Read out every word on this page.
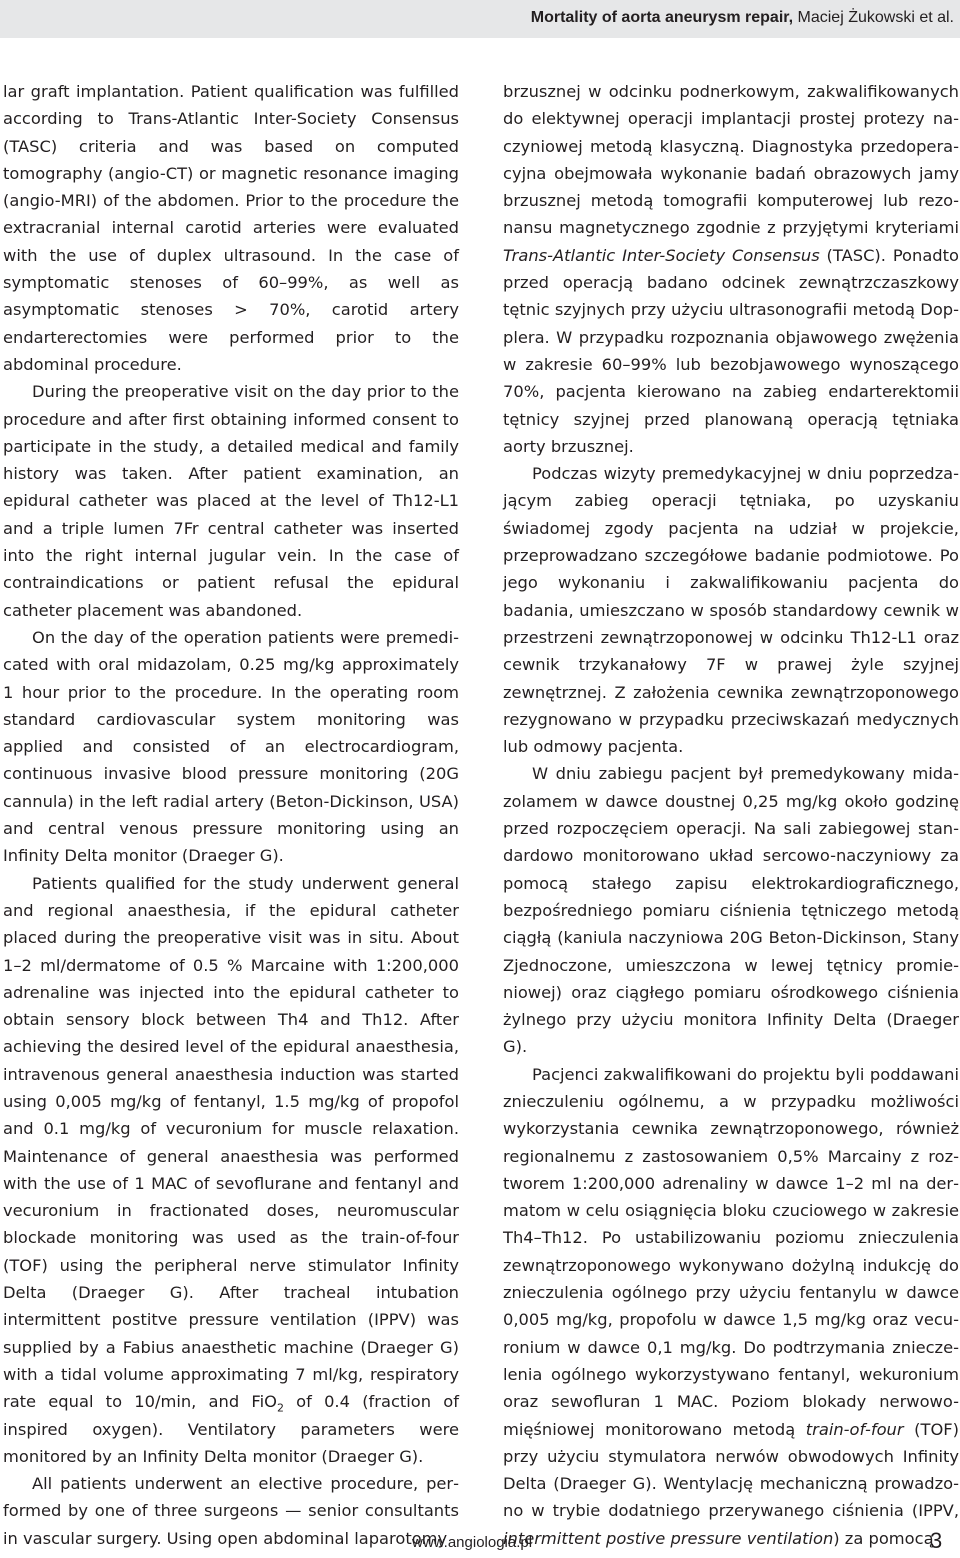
Mortality of aorta aneurysm repair, Maciej Żukowski et al.

lar graft implantation. Patient qualification was fulfilled according to Trans-Atlantic Inter-Society Consensus (TASC) criteria and was based on computed tomography (angio-CT) or magnetic resonance imaging (angio-MRI) of the abdomen. Prior to the procedure the extracranial internal carotid arteries were evaluated with the use of duplex ultrasound. In the case of symptomatic stenoses of 60–99%, as well as asymptomatic stenoses > 70%, carotid artery endarterectomies were performed prior to the abdominal procedure.

During the preoperative visit on the day prior to the procedure and after first obtaining informed consent to participate in the study, a detailed medical and family history was taken. After patient examination, an epidural catheter was placed at the level of Th12-L1 and a triple lumen 7Fr central catheter was inserted into the right internal jugular vein. In the case of contraindications or patient refusal the epidural catheter placement was abandoned.

On the day of the operation patients were premedicated with oral midazolam, 0.25 mg/kg approximately 1 hour prior to the procedure. In the operating room standard cardiovascular system monitoring was applied and consisted of an electrocardiogram, continuous invasive blood pressure monitoring (20G cannula) in the left radial artery (Beton-Dickinson, USA) and central venous pressure monitoring using an Infinity Delta monitor (Draeger G).

Patients qualified for the study underwent general and regional anaesthesia, if the epidural catheter placed during the preoperative visit was in situ. About 1–2 ml/dermatome of 0.5 % Marcaine with 1:200,000 adrenaline was injected into the epidural catheter to obtain sensory block between Th4 and Th12. After achieving the desired level of the epidural anaesthesia, intravenous general anaesthesia induction was started using 0,005 mg/kg of fentanyl, 1.5 mg/kg of propofol and 0.1 mg/kg of vecuronium for muscle relaxation. Maintenance of general anaesthesia was performed with the use of 1 MAC of sevoflurane and fentanyl and vecuronium in fractionated doses, neuromuscular blockade monitoring was used as the train-of-four (TOF) using the peripheral nerve stimulator Infinity Delta (Draeger G). After tracheal intubation intermittent postitve pressure ventilation (IPPV) was supplied by a Fabius anaesthetic machine (Draeger G) with a tidal volume approximating 7 ml/kg, respiratory rate equal to 10/min, and FiO$_2$ of 0.4 (fraction of inspired oxygen). Ventilatory parameters were monitored by an Infinity Delta monitor (Draeger G).

All patients underwent an elective procedure, performed by one of three surgeons — senior consultants in vascular surgery. Using open abdominal laparotomy

brzusznej w odcinku podnerkowym, zakwalifikowanych do elektywnej operacji implantacji prostej protezy naczyniowej metodą klasyczną. Diagnostyka przedoperacyjna obejmowała wykonanie badań obrazowych jamy brzusznej metodą tomografii komputerowej lub rezonansu magnetycznego zgodnie z przyjętymi kryteriami Trans-Atlantic Inter-Society Consensus (TASC). Ponadto przed operacją badano odcinek zewnątrzczaszkowy tętnic szyjnych przy użyciu ultrasonografii metodą Dopplera. W przypadku rozpoznania objawowego zwężenia w zakresie 60–99% lub bezobjawowego wynoszącego 70%, pacjenta kierowano na zabieg endarterektomii tętnicy szyjnej przed planowaną operacją tętniaka aorty brzusznej.

Podczas wizyty premedykacyjnej w dniu poprzedzającym zabieg operacji tętniaka, po uzyskaniu świadomej zgody pacjenta na udział w projekcie, przeprowadzano szczegółowe badanie podmiotowe. Po jego wykonaniu i zakwalifikowaniu pacjenta do badania, umieszczano w sposób standardowy cewnik w przestrzeni zewnątrzoponowej w odcinku Th12-L1 oraz cewnik trzykanałowy 7F w prawej żyle szyjnej zewnętrznej. Z założenia cewnika zewnątrzoponowego rezygnowano w przypadku przeciwskazań medycznych lub odmowy pacjenta.

W dniu zabiegu pacjent był premedykowany midazolamem w dawce doustnej 0,25 mg/kg około godzinę przed rozpoczęciem operacji. Na sali zabiegowej standardowo monitorowano układ sercowo-naczyniowy za pomocą stałego zapisu elektrokardiograficznego, bezpośredniego pomiaru ciśnienia tętniczego metodą ciągłą (kaniula naczyniowa 20G Beton-Dickinson, Stany Zjednoczone, umieszczona w lewej tętnicy promieniowej) oraz ciągłego pomiaru ośrodkowego ciśnienia żylnego przy użyciu monitora Infinity Delta (Draeger G).

Pacjenci zakwalifikowani do projektu byli poddawani znieczuleniu ogólnemu, a w przypadku możliwości wykorzystania cewnika zewnątrzoponowego, również regionalnemu z zastosowaniem 0,5% Marcainy z roztworem 1:200,000 adrenaliny w dawce 1–2 ml na dermatom w celu osiągnięcia bloku czuciowego w zakresie Th4–Th12. Po ustabilizowaniu poziomu znieczulenia zewnątrzoponowego wykonywano dożylną indukcję do znieczulenia ogólnego przy użyciu fentanylu w dawce 0,005 mg/kg, propofolu w dawce 1,5 mg/kg oraz vecuronium w dawce 0,1 mg/kg. Do podtrzymania znieczelenia ogólnego wykorzystywano fentanyl, wekuronium oraz sewofluran 1 MAC. Poziom blokady nerwowo-mięśniowej monitorowano metodą train-of-four (TOF) przy użyciu stymulatora nerwów obwodowych Infinity Delta (Draeger G). Wentylację mechaniczną prowadzono w trybie dodatniego przerywanego ciśnienia (IPPV, intermittent postive pressure ventilation) za pomocą

www.angiologia.pl	3
